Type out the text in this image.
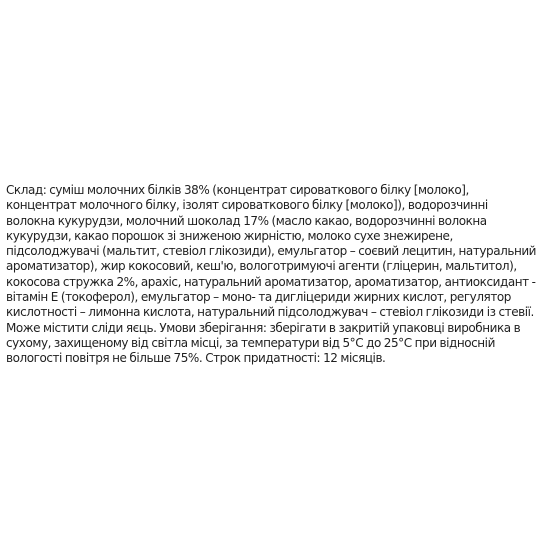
Склад: суміш молочних білків 38% (концентрат сироваткового білку [молоко],
концентрат молочного білку, ізолят сироваткового білку [молоко]), водорозчинні
волокна кукурудзи, молочний шоколад 17% (масло какао, водорозчинні волокна
кукурудзи, какао порошок зі зниженою жирністю, молоко сухе знежирене,
підсолоджувачі (мальтит, стевіол глікозиди), емульгатор – соєвий лецитин, натуральний
ароматизатор), жир кокосовий, кеш'ю, вологотримуючі агенти (гліцерин, мальтитол),
кокосова стружка 2%, арахіс, натуральний ароматизатор, ароматизатор, антиоксидант -
вітамін Е (токоферол), емульгатор – моно- та дигліцериди жирних кислот, регулятор
кислотності – лимонна кислота, натуральний підсолоджувач – стевіол глікозиди із стевії.
Може містити сліди яєць. Умови зберігання: зберігати в закритій упаковці виробника в
сухому, захищеному від світла місці, за температури від 5°С до 25°С при відносній
вологості повітря не більше 75%. Строк придатності: 12 місяців.
